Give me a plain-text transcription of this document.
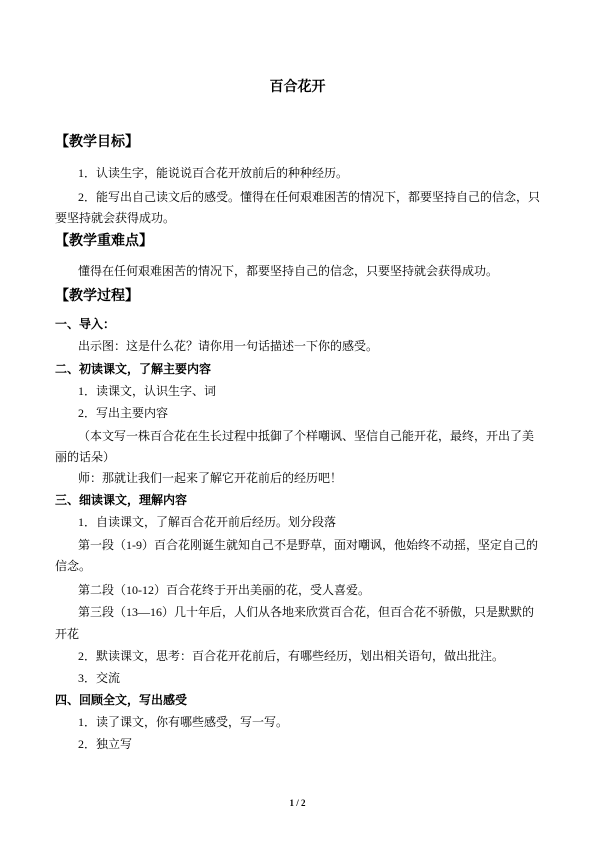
百合花开
【教学目标】
1．认读生字，能说说百合花开放前后的种种经历。
2．能写出自己读文后的感受。懂得在任何艰难困苦的情况下，都要坚持自己的信念，只
要坚持就会获得成功。
【教学重难点】
懂得在任何艰难困苦的情况下，都要坚持自己的信念，只要坚持就会获得成功。
【教学过程】
一、导入：
出示图：这是什么花？请你用一句话描述一下你的感受。
二、初读课文，了解主要内容
1．读课文，认识生字、词
2．写出主要内容
（本文写一株百合花在生长过程中抵御了个样嘲讽、坚信自己能开花，最终，开出了美
丽的话朵）
师：那就让我们一起来了解它开花前后的经历吧！
三、细读课文，理解内容
1．自读课文，了解百合花开前后经历。划分段落
第一段（1-9）百合花刚诞生就知自己不是野草，面对嘲讽，他始终不动摇，坚定自己的
信念。
第二段（10-12）百合花终于开出美丽的花，受人喜爱。
第三段（13—16）几十年后，人们从各地来欣赏百合花，但百合花不骄傲，只是默默的
开花
2．默读课文，思考：百合花开花前后，有哪些经历，划出相关语句，做出批注。
3．交流
四、回顾全文，写出感受
1．读了课文，你有哪些感受，写一写。
2．独立写
1 / 2
